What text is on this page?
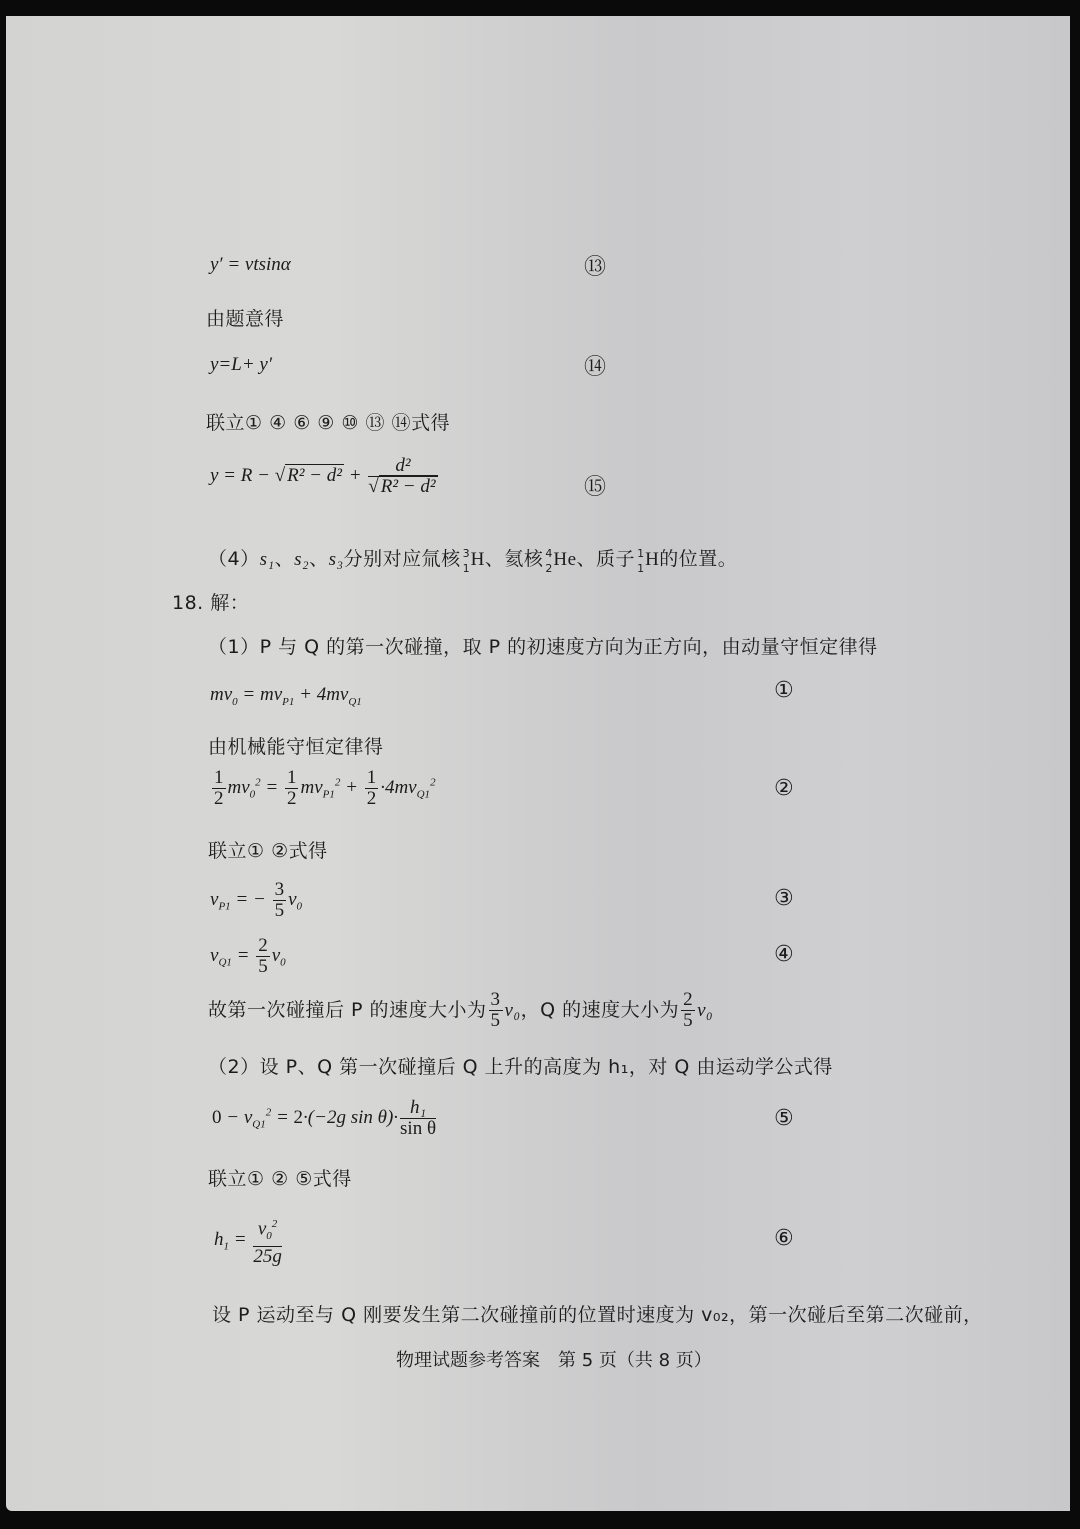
y′ = vtsinα	⑬
由题意得
y=L+ y′	⑭
联立① ④ ⑥ ⑨ ⑩ ⑬ ⑭式得
y = R − √ $R^2 - d^2 + \frac{\text{d²}}{\text{√ R² − d²}}$	⑮
（4）s₁、s₂、s₃分别对应氚核 3
1 H、氦核 4
2 He、质子 1
1 H的位置。
18. 解：
（1）P 与 Q 的第一次碰撞，取 P 的初速度方向为正方向，由动量守恒定律得
$mv_0 = mv_{P1} + 4mv_{Q1}$	①
由机械能守恒定律得
$\frac{1}{2} mv_0^2 = \frac{1}{2} mv_{P1}^2 + \frac{1}{2} \cdot 4mv_{Q1}^2$	②
联立① ②式得
$v_{P1}$ = − $\frac{3}{5} v_0$	③
$v_{Q1} = \frac{2}{5} v_0$	④
故第一次碰撞后 P 的速度大小为 $\frac{3}{5} v_0$，Q 的速度大小为 $\frac{2}{5} v_0$
（2）设 P、Q 第一次碰撞后 Q 上升的高度为 h₁，对 Q 由运动学公式得
$0 - v_{Q1}^2 = 2\cdot(-2g$ $\sin \theta)\cdot \frac{\text{h₁}}{\text{sin θ}}$	⑤
联立① ② ⑤式得
$h_1 = \frac{v_0^2}{25g}$	⑥
设 P 运动至与 Q 刚要发生第二次碰撞前的位置时速度为 v₀₂，第一次碰后至第二次碰前，
物理试题参考答案　第 5 页（共 8 页）
